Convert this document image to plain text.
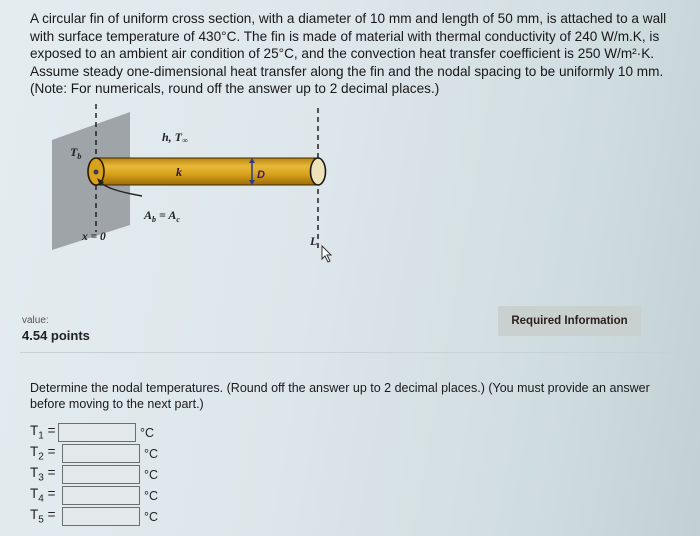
A circular fin of uniform cross section, with a diameter of 10 mm and length of 50 mm, is attached to a wall

with surface temperature of 430°C. The fin is made of material with thermal conductivity of 240 W/m.K, is

exposed to an ambient air condition of 25°C, and the convection heat transfer coefficient is 250 W/m²·K.

Assume steady one-dimensional heat transfer along the fin and the nodal spacing to be uniformly 10 mm.

(Note: For numericals, round off the answer up to 2 decimal places.)

$T_b$
h, T∞
k	D
$A_b = A_c$
x = 0	L
value:
4.54 points
Required Information
Determine the nodal temperatures. (Round off the answer up to 2 decimal places.) (You must provide an answer before moving to the next part.)
$T_1$ =	°C
$T_2$ =	°C
$T_3$ =	°C
$T_4$ =	°C
$T_5$ =	°C
